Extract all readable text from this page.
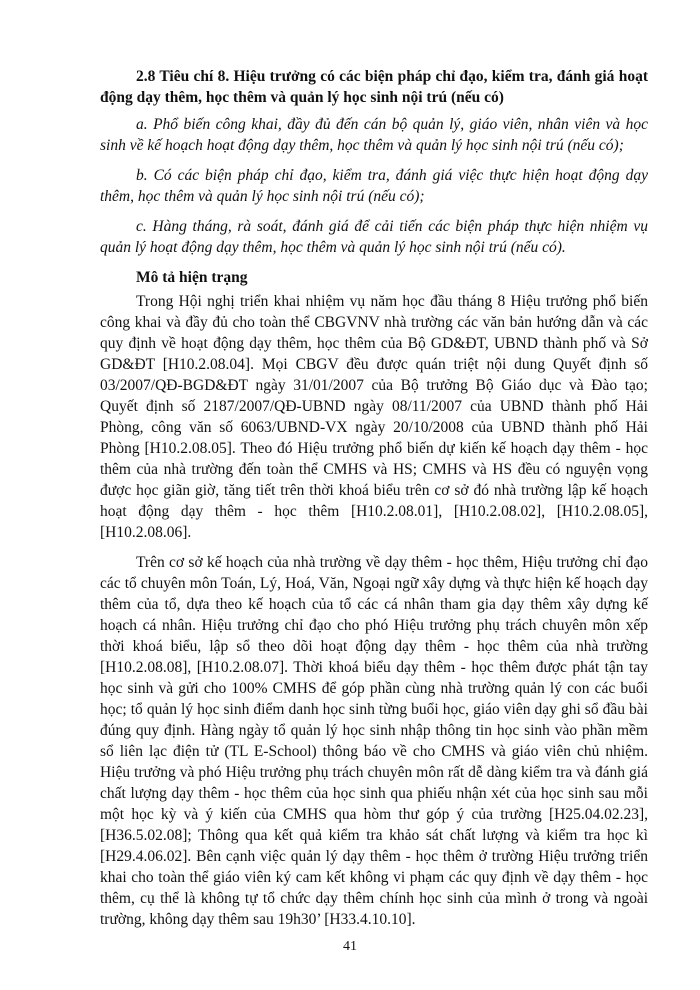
2.8 Tiêu chí 8. Hiệu trưởng có các biện pháp chỉ đạo, kiểm tra, đánh giá hoạt động dạy thêm, học thêm và quản lý học sinh nội trú (nếu có)

a. Phổ biến công khai, đầy đủ đến cán bộ quản lý, giáo viên, nhân viên và học sinh về kế hoạch hoạt động dạy thêm, học thêm và quản lý học sinh nội trú (nếu có);

b. Có các biện pháp chỉ đạo, kiểm tra, đánh giá việc thực hiện hoạt động dạy thêm, học thêm và quản lý học sinh nội trú (nếu có);

c. Hàng tháng, rà soát, đánh giá để cải tiến các biện pháp thực hiện nhiệm vụ quản lý hoạt động dạy thêm, học thêm và quản lý học sinh nội trú (nếu có).

Mô tả hiện trạng

Trong Hội nghị triển khai nhiệm vụ năm học đầu tháng 8 Hiệu trưởng phổ biến công khai và đầy đủ cho toàn thể CBGVNV nhà trường các văn bản hướng dẫn và các quy định về hoạt động dạy thêm, học thêm của Bộ GD&ĐT, UBND thành phố và Sở GD&ĐT [H10.2.08.04]. Mọi CBGV đều được quán triệt nội dung Quyết định số 03/2007/QĐ-BGD&ĐT ngày 31/01/2007 của Bộ trưởng Bộ Giáo dục và Đào tạo; Quyết định số 2187/2007/QĐ-UBND ngày 08/11/2007 của UBND thành phố Hải Phòng, công văn số 6063/UBND-VX ngày 20/10/2008 của UBND thành phố Hải Phòng [H10.2.08.05]. Theo đó Hiệu trưởng phổ biến dự kiến kế hoạch dạy thêm - học thêm của nhà trường đến toàn thể CMHS và HS; CMHS và HS đều có nguyện vọng được học giãn giờ, tăng tiết trên thời khoá biểu trên cơ sở đó nhà trường lập kế hoạch hoạt động dạy thêm - học thêm [H10.2.08.01], [H10.2.08.02], [H10.2.08.05], [H10.2.08.06].

Trên cơ sở kế hoạch của nhà trường về dạy thêm - học thêm, Hiệu trưởng chỉ đạo các tổ chuyên môn Toán, Lý, Hoá, Văn, Ngoại ngữ xây dựng và thực hiện kế hoạch dạy thêm của tổ, dựa theo kế hoạch của tổ các cá nhân tham gia dạy thêm xây dựng kế hoạch cá nhân. Hiệu trưởng chỉ đạo cho phó Hiệu trưởng phụ trách chuyên môn xếp thời khoá biểu, lập sổ theo dõi hoạt động dạy thêm - học thêm của nhà trường [H10.2.08.08], [H10.2.08.07]. Thời khoá biểu dạy thêm - học thêm được phát tận tay học sinh và gửi cho 100% CMHS để góp phần cùng nhà trường quản lý con các buổi học; tổ quản lý học sinh điểm danh học sinh từng buổi học, giáo viên dạy ghi sổ đầu bài đúng quy định. Hàng ngày tổ quản lý học sinh nhập thông tin học sinh vào phần mềm sổ liên lạc điện tử (TL E-School) thông báo về cho CMHS và giáo viên chủ nhiệm. Hiệu trưởng và phó Hiệu trưởng phụ trách chuyên môn rất dễ dàng kiểm tra và đánh giá chất lượng dạy thêm - học thêm của học sinh qua phiếu nhận xét của học sinh sau mỗi một học kỳ và ý kiến của CMHS qua hòm thư góp ý của trường [H25.04.02.23], [H36.5.02.08]; Thông qua kết quả kiểm tra khảo sát chất lượng và kiểm tra học kì [H29.4.06.02]. Bên cạnh việc quản lý dạy thêm - học thêm ở trường Hiệu trưởng triển khai cho toàn thể giáo viên ký cam kết không vi phạm các quy định về dạy thêm - học thêm, cụ thể là không tự tổ chức dạy thêm chính học sinh của mình ở trong và ngoài trường, không dạy thêm sau 19h30’ [H33.4.10.10].

41
